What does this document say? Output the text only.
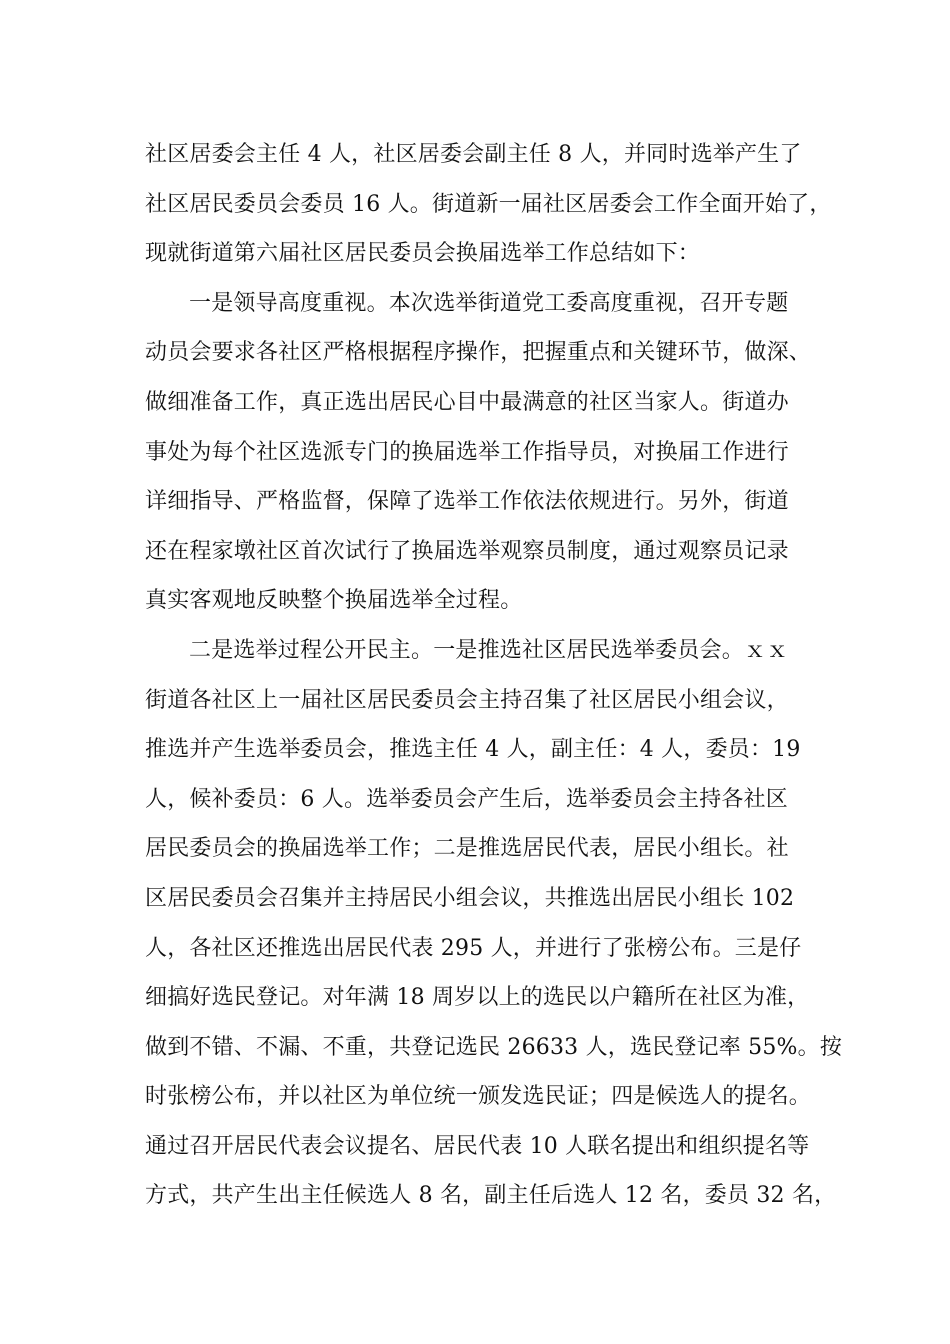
社区居委会主任 4 人，社区居委会副主任 8 人，并同时选举产生了
社区居民委员会委员 16 人。街道新一届社区居委会工作全面开始了，
现就街道第六届社区居民委员会换届选举工作总结如下：
一是领导高度重视。本次选举街道党工委高度重视，召开专题
动员会要求各社区严格根据程序操作，把握重点和关键环节，做深、
做细准备工作，真正选出居民心目中最满意的社区当家人。街道办
事处为每个社区选派专门的换届选举工作指导员，对换届工作进行
详细指导、严格监督，保障了选举工作依法依规进行。另外，街道
还在程家墩社区首次试行了换届选举观察员制度，通过观察员记录
真实客观地反映整个换届选举全过程。
二是选举过程公开民主。一是推选社区居民选举委员会。ｘｘ
街道各社区上一届社区居民委员会主持召集了社区居民小组会议，
推选并产生选举委员会，推选主任 4 人，副主任：4 人，委员：19
人，候补委员：6 人。选举委员会产生后，选举委员会主持各社区
居民委员会的换届选举工作；二是推选居民代表，居民小组长。社
区居民委员会召集并主持居民小组会议，共推选出居民小组长 102
人，各社区还推选出居民代表 295 人，并进行了张榜公布。三是仔
细搞好选民登记。对年满 18 周岁以上的选民以户籍所在社区为准，
做到不错、不漏、不重，共登记选民 26633 人，选民登记率 55%。按
时张榜公布，并以社区为单位统一颁发选民证；四是候选人的提名。
通过召开居民代表会议提名、居民代表 10 人联名提出和组织提名等
方式，共产生出主任候选人 8 名，副主任后选人 12 名，委员 32 名，
